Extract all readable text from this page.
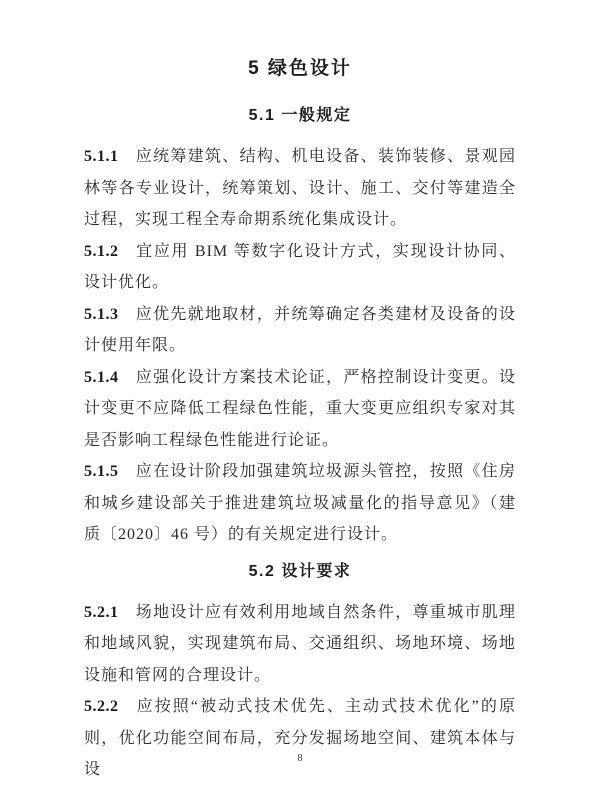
5 绿色设计
5.1 一般规定

5.1.1 应统筹建筑、结构、机电设备、装饰装修、景观园林等各专业设计，统筹策划、设计、施工、交付等建造全过程，实现工程全寿命期系统化集成设计。

5.1.2 宜应用 BIM 等数字化设计方式，实现设计协同、设计优化。

5.1.3 应优先就地取材，并统筹确定各类建材及设备的设计使用年限。

5.1.4 应强化设计方案技术论证，严格控制设计变更。设计变更不应降低工程绿色性能，重大变更应组织专家对其是否影响工程绿色性能进行论证。

5.1.5 应在设计阶段加强建筑垃圾源头管控，按照《住房和城乡建设部关于推进建筑垃圾减量化的指导意见》（建质〔2020〕46 号）的有关规定进行设计。

5.2 设计要求

5.2.1 场地设计应有效利用地域自然条件，尊重城市肌理和地域风貌，实现建筑布局、交通组织、场地环境、场地设施和管网的合理设计。

5.2.2 应按照“被动式技术优先、主动式技术优化”的原则，优化功能空间布局，充分发掘场地空间、建筑本体与设

8
